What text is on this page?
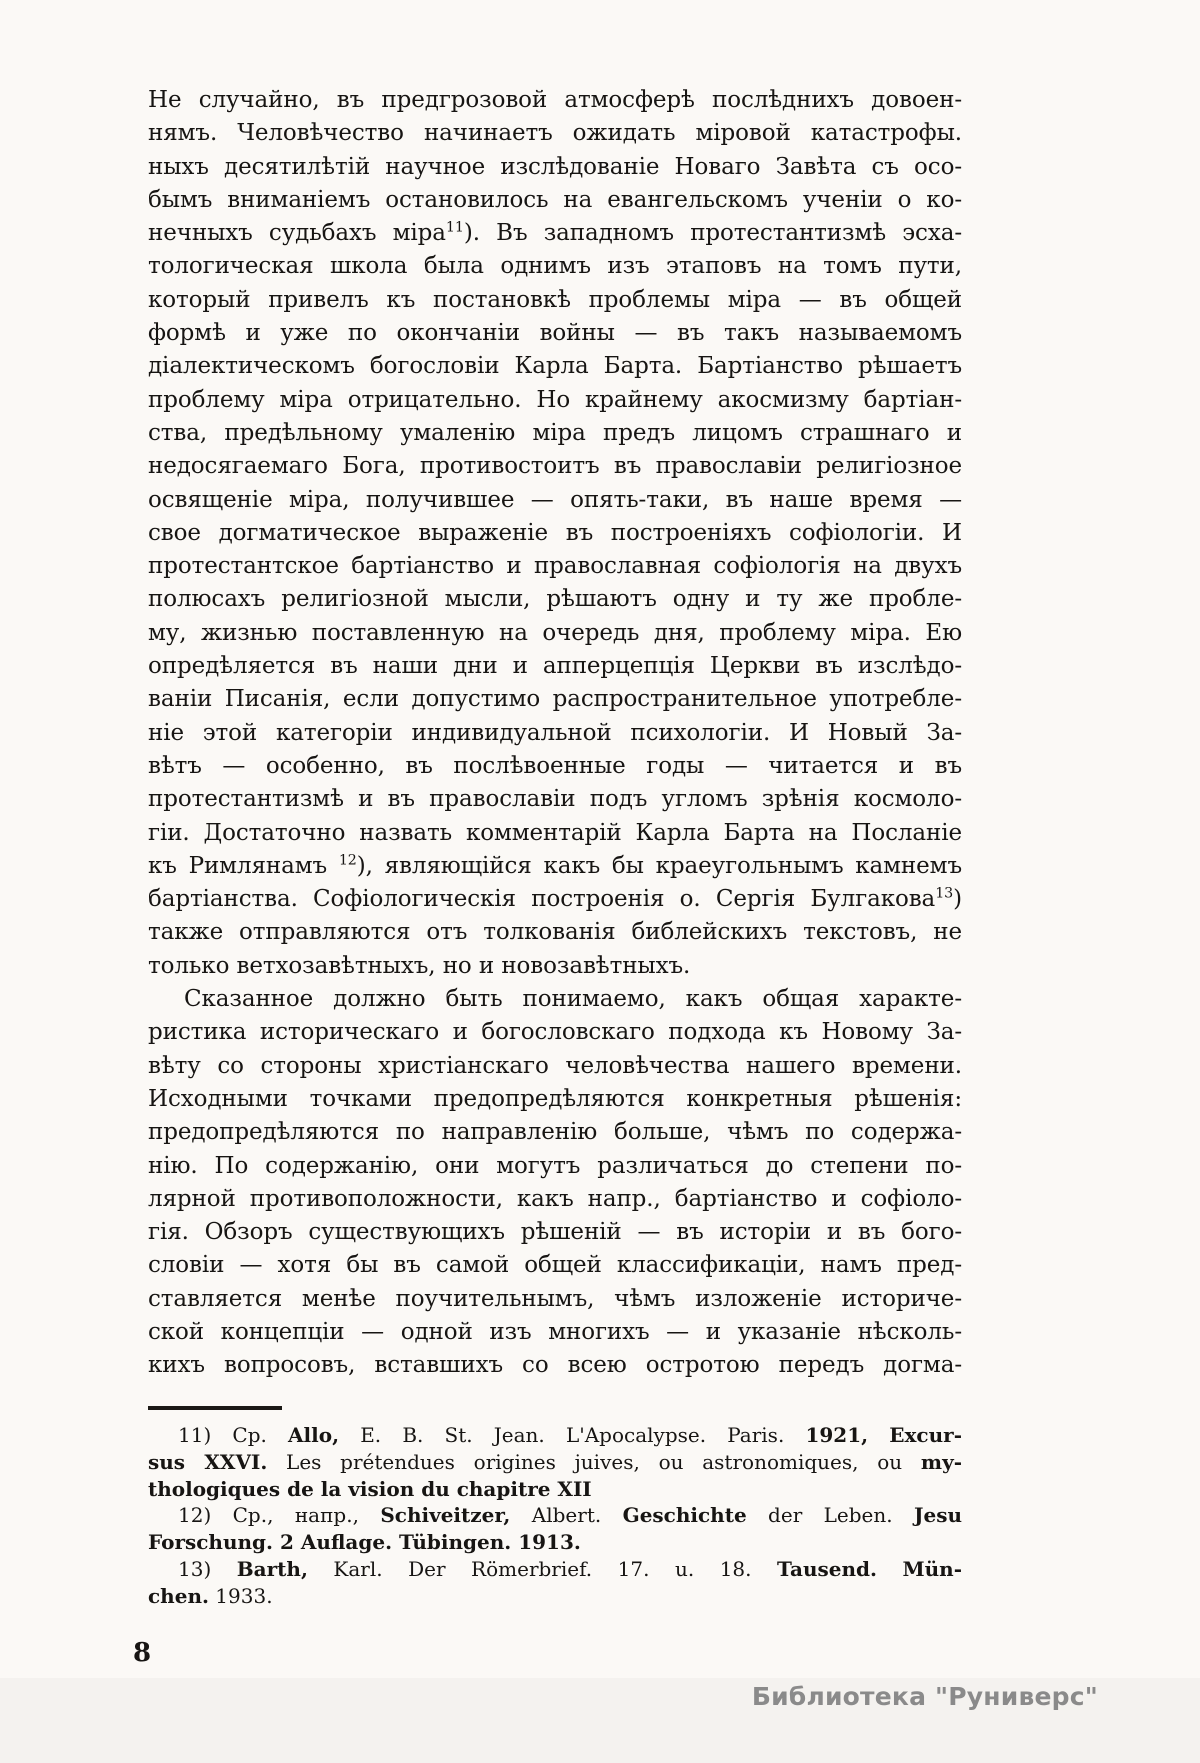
Не случайно, въ предгрозовой атмосферѣ послѣднихъ довоен-
нямъ. Человѣчество начинаетъ ожидать міровой катастрофы.
ныхъ десятилѣтій научное изслѣдованіе Новаго Завѣта съ осо-
бымъ вниманіемъ остановилось на евангельскомъ ученіи о ко-
нечныхъ судьбахъ міра$^{11}$). Въ западномъ протестантизмѣ эсха-
тологическая школа была однимъ изъ этаповъ на томъ пути,
который привелъ къ постановкѣ проблемы міра — въ общей
формѣ и уже по окончаніи войны — въ такъ называемомъ
діалектическомъ богословіи Карла Барта. Бартіанство рѣшаетъ
проблему міра отрицательно. Но крайнему акосмизму бартіан-
ства, предѣльному умаленію міра предъ лицомъ страшнаго и
недосягаемаго Бога, противостоитъ въ православіи религіозное
освященіе міра, получившее — опять-таки, въ наше время —
свое догматическое выраженіе въ построеніяхъ софіологіи. И
протестантское бартіанство и православная софіологія на двухъ
полюсахъ религіозной мысли, рѣшаютъ одну и ту же пробле-
му, жизнью поставленную на очередь дня, проблему міра. Ею
опредѣляется въ наши дни и апперцепція Церкви въ изслѣдо-
ваніи Писанія, если допустимо распространительное употребле-
ніе этой категоріи индивидуальной психологіи. И Новый За-
вѣтъ — особенно, въ послѣвоенные годы — читается и въ
протестантизмѣ и въ православіи подъ угломъ зрѣнія космоло-
гіи. Достаточно назвать комментарій Карла Барта на Посланіе
къ Римлянамъ $^{12}$), являющійся какъ бы краеугольнымъ камнемъ
бартіанства. Софіологическія построенія о. Сергія Булгакова$^{13}$)
также отправляются отъ толкованія библейскихъ текстовъ, не
только ветхозавѣтныхъ, но и новозавѣтныхъ.
Сказанное должно быть понимаемо, какъ общая характе-
ристика историческаго и богословскаго подхода къ Новому За-
вѣту со стороны христіанскаго человѣчества нашего времени.
Исходными точками предопредѣляются конкретныя рѣшенія:
предопредѣляются по направленію больше, чѣмъ по содержа-
нію. По содержанію, они могутъ различаться до степени по-
лярной противоположности, какъ напр., бартіанство и софіоло-
гія. Обзоръ существующихъ рѣшеній — въ исторіи и въ бого-
словіи — хотя бы въ самой общей классификаціи, намъ пред-
ставляется менѣе поучительнымъ, чѣмъ изложеніе историче-
ской концепціи — одной изъ многихъ — и указаніе нѣсколь-
кихъ вопросовъ, вставшихъ со всею остротою передъ догма-
11) Ср. Allo, E. B. St. Jean. L'Apocalypse. Paris. 1921, Excur-
sus XXVI. Les prétendues origines juives, ou astronomiques, ou my-
thologiques de la vision du chapitre XII
12) Ср., напр., Schiveitzer, Albert. Geschichte der Leben. Jesu
Forschung. 2 Auflage. Tübingen. 1913.
13) Barth, Karl. Der Römerbrief. 17. u. 18. Tausend. Mün-
chen. 1933.
8
Библиотека "Руниверс"
